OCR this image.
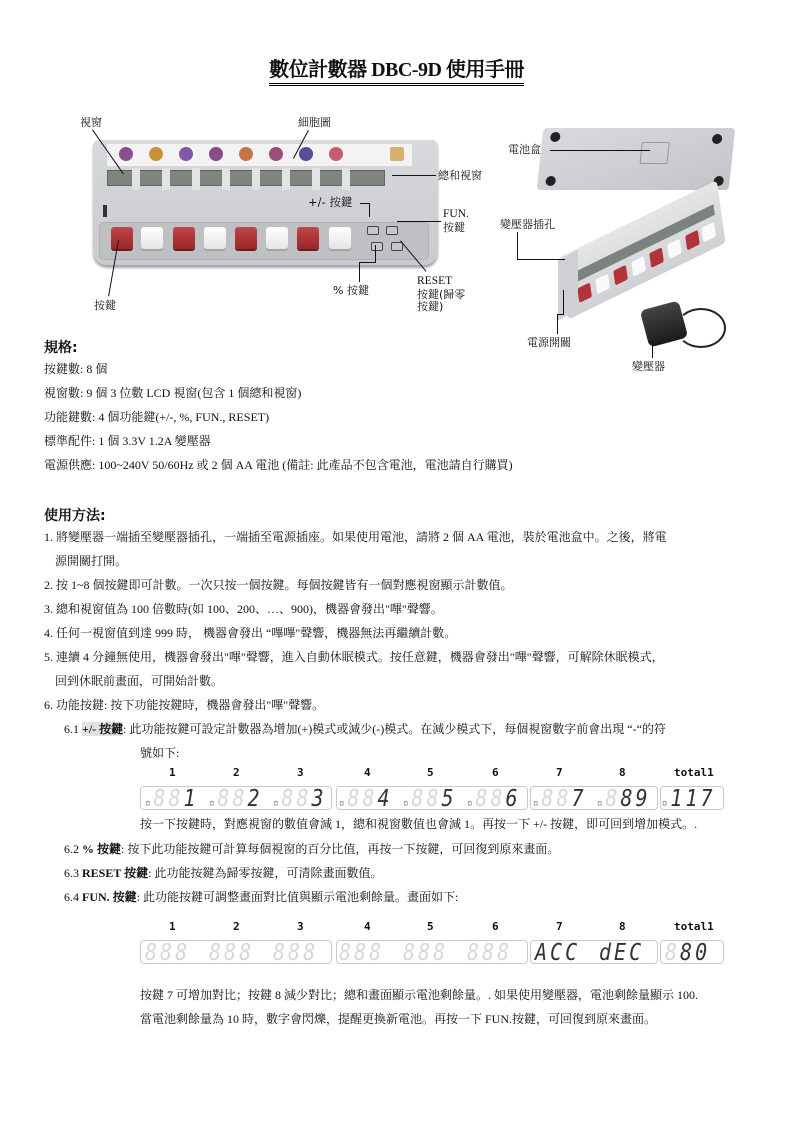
數位計數器 DBC-9D 使用手冊
視窗	細胞圖
總和視窗
+/- 按鍵
FUN.
按鍵
% 按鍵
RESET
按鍵(歸零
按鍵)
按鍵
電池盒
變壓器插孔
電源開關
變壓器
規格:
按鍵數: 8 個
視窗數: 9 個 3 位數 LCD 視窗(包含 1 個總和視窗)
功能鍵數: 4 個功能鍵(+/-, %, FUN., RESET)
標準配件: 1 個 3.3V 1.2A 變壓器
電源供應: 100~240V 50/60Hz 或 2 個 AA 電池 (備註: 此產品不包含電池，電池請自行購買)
使用方法:
1. 將變壓器一端插至變壓器插孔，一端插至電源插座。如果使用電池，請將 2 個 AA 電池，裝於電池盒中。之後，將電
源開關打開。
2. 按 1~8 個按鍵即可計數。一次只按一個按鍵。每個按鍵皆有一個對應視窗顯示計數值。
3. 總和視窗值為 100 倍數時(如 100、200、…、900)，機器會發出"嗶"聲響。
4. 任何一視窗值到達 999 時， 機器會發出 “嗶嗶"聲響，機器無法再繼續計數。
5. 連續 4 分鐘無使用，機器會發出"嗶"聲響，進入自動休眠模式。按任意鍵，機器會發出"嗶"聲響，可解除休眠模式，
回到休眠前畫面，可開始計數。
6. 功能按鍵: 按下功能按鍵時，機器會發出"嗶"聲響。
6.1 +/- 按鍵: 此功能按鍵可設定計數器為增加(+)模式或減少(-)模式。在減少模式下，每個視窗數字前會出現 “-“的符
號如下:
1	2	3	4	5	6	7	8	total1
▫881 ▫882 ▫883 ▫884 ▫885 ▫886 ▫887 ▫889 ▫117
按一下按鍵時，對應視窗的數值會減 1，總和視窗數值也會減 1。再按一下 +/- 按鍵，即可回到增加模式。.
6.2 % 按鍵: 按下此功能按鍵可計算每個視窗的百分比值，再按一下按鍵，可回復到原來畫面。
6.3 RESET 按鍵: 此功能按鍵為歸零按鍵，可清除畫面數值。
6.4 FUN. 按鍵: 此功能按鍵可調整畫面對比值與顯示電池剩餘量。畫面如下:
1	2	3	4	5	6	7	8	total1
888 888 888 888 888 888 ACC dEC 880
按鍵 7 可增加對比；按鍵 8 減少對比；總和畫面顯示電池剩餘量。. 如果使用變壓器，電池剩餘量顯示 100.
當電池剩餘量為 10 時，數字會閃爍，提醒更換新電池。再按一下 FUN.按鍵，可回復到原來畫面。
